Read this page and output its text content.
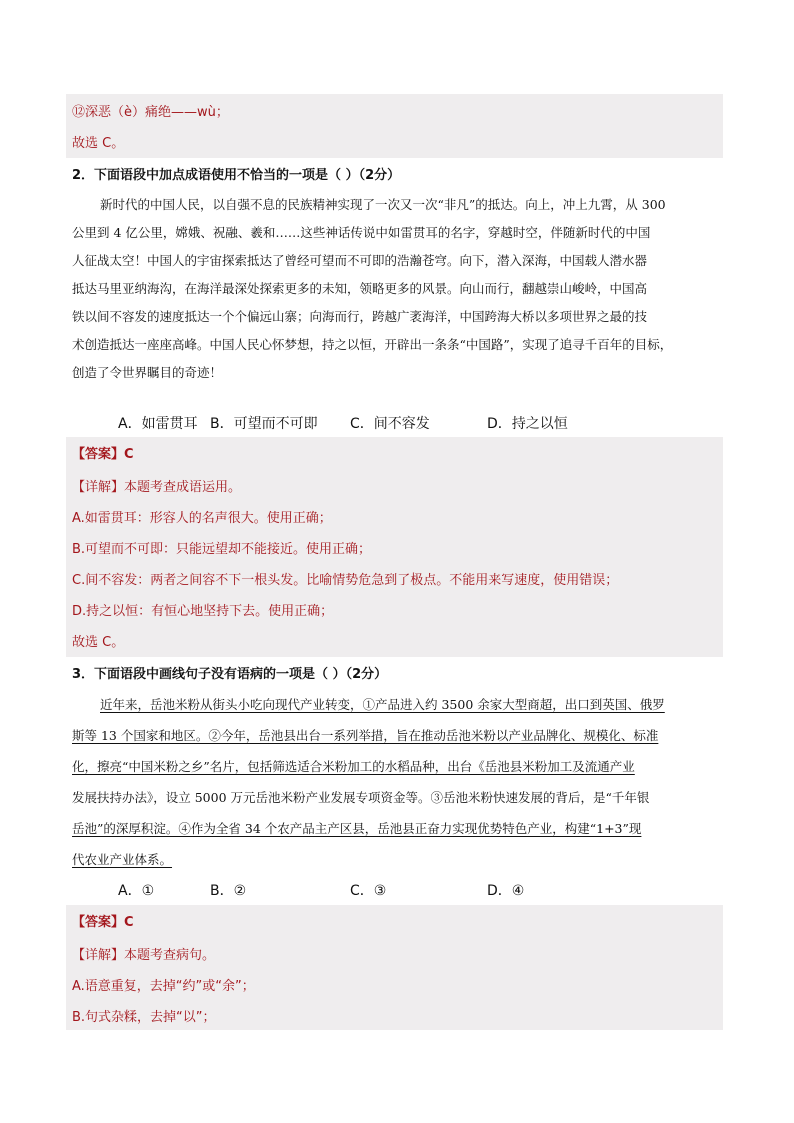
⑫深恶（è）痛绝——wù；
故选 C。
2．下面语段中加点成语使用不恰当的一项是（ ）（2分）
新时代的中国人民，以自强不息的民族精神实现了一次又一次“非凡”的抵达。向上，冲上九霄，从 300
公里到 4 亿公里，嫦娥、祝融、羲和……这些神话传说中如雷贯耳的名字，穿越时空，伴随新时代的中国
人征战太空！中国人的宇宙探索抵达了曾经可望而不可即的浩瀚苍穹。向下，潜入深海，中国载人潜水器
抵达马里亚纳海沟，在海洋最深处探索更多的未知，领略更多的风景。向山而行，翻越崇山峻岭，中国高
铁以间不容发的速度抵达一个个偏远山寨；向海而行，跨越广袤海洋，中国跨海大桥以多项世界之最的技
术创造抵达一座座高峰。中国人民心怀梦想，持之以恒，开辟出一条条“中国路”，实现了追寻千百年的目标，
创造了令世界瞩目的奇迹！
A．如雷贯耳 B．可望而不可即 C．间不容发	D．持之以恒
【答案】C
【详解】本题考查成语运用。
A.如雷贯耳：形容人的名声很大。使用正确；
B.可望而不可即：只能远望却不能接近。使用正确；
C.间不容发：两者之间容不下一根头发。比喻情势危急到了极点。不能用来写速度，使用错误；
D.持之以恒：有恒心地坚持下去。使用正确；
故选 C。
3．下面语段中画线句子没有语病的一项是（ ）（2分）
近年来，岳池米粉从街头小吃向现代产业转变，①产品进入约 3500 余家大型商超，出口到英国、俄罗
斯等 13 个国家和地区。②今年，岳池县出台一系列举措，旨在推动岳池米粉以产业品牌化、规模化、标准
化，擦亮“中国米粉之乡”名片，包括筛选适合米粉加工的水稻品种，出台《岳池县米粉加工及流通产业
发展扶持办法》，设立 5000 万元岳池米粉产业发展专项资金等。③岳池米粉快速发展的背后，是“千年银
岳池”的深厚积淀。④作为全省 34 个农产品主产区县，岳池县正奋力实现优势特色产业，构建“1+3”现
代农业产业体系。
A．①	B．②	C．③	D．④
【答案】C
【详解】本题考查病句。
A.语意重复，去掉“约”或“余”；
B.句式杂糅，去掉“以”；
